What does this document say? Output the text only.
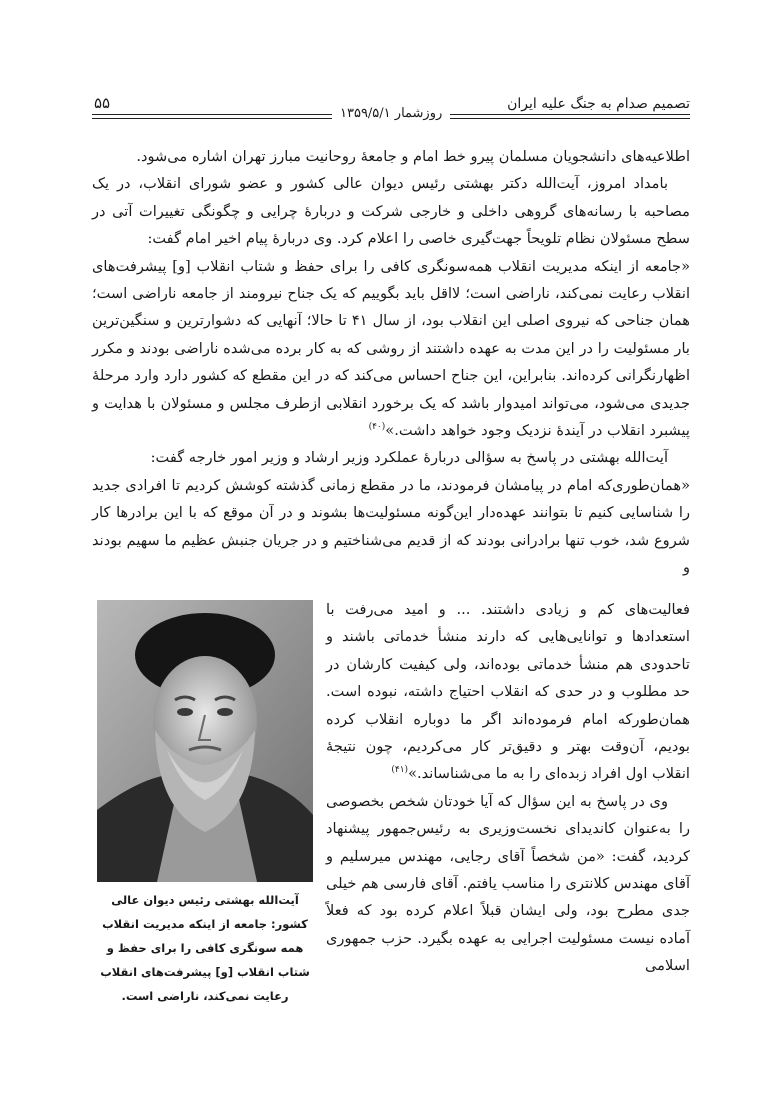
تصمیم صدام به جنگ علیه ایران
۵۵
روزشمار ۱۳۵۹/۵/۱

اطلاعیه‌های دانشجویان مسلمان پیرو خط امام و جامعهٔ روحانیت مبارز تهران اشاره می‌شود.

بامداد امروز، آیت‌الله دکتر بهشتی رئیس دیوان عالی کشور و عضو شورای انقلاب، در یک مصاحبه با رسانه‌های گروهی داخلی و خارجی شرکت و دربارهٔ چرایی و چگونگی تغییرات آتی در سطح مسئولان نظام تلویحاً جهت‌گیری خاصی را اعلام کرد. وی دربارهٔ پیام اخیر امام گفت:

«جامعه از اینکه مدیریت انقلاب همه‌سونگری کافی را برای حفظ و شتاب انقلاب [و] پیشرفت‌های انقلاب رعایت نمی‌کند، ناراضی است؛ لااقل باید بگوییم که یک جناح نیرومند از جامعه ناراضی است؛ همان جناحی که نیروی اصلی این انقلاب بود، از سال ۴۱ تا حالا؛ آنهایی که دشوارترین و سنگین‌ترین بار مسئولیت را در این مدت به عهده داشتند از روشی که به کار برده می‌شده ناراضی بودند و مکرر اظهارنگرانی کرده‌اند. بنابراین، این جناح احساس می‌کند که در این مقطع که کشور دارد وارد مرحلهٔ جدیدی می‌شود، می‌تواند امیدوار باشد که یک برخورد انقلابی ازطرف مجلس و مسئولان با هدایت و پیشبرد انقلاب در آیندهٔ نزدیک وجود خواهد داشت.»$^{(۴۰)}$

آیت‌الله بهشتی در پاسخ به سؤالی دربارهٔ عملکرد وزیر ارشاد و وزیر امور خارجه گفت:

«همان‌طوری‌که امام در پیامشان فرمودند، ما در مقطع زمانی گذشته کوشش کردیم تا افرادی جدید را شناسایی کنیم تا بتوانند عهده‌دار این‌گونه مسئولیت‌ها بشوند و در آن موقع که با این برادرها کار شروع شد، خوب تنها برادرانی بودند که از قدیم می‌شناختیم و در جریان جنبش عظیم ما سهیم بودند و

فعالیت‌های کم و زیادی داشتند. ... و امید می‌رفت با استعدادها و توانایی‌هایی که دارند منشأ خدماتی باشند و تاحدودی هم منشأ خدماتی بوده‌اند، ولی کیفیت کارشان در حد مطلوب و در حدی که انقلاب احتیاج داشته، نبوده است. همان‌طورکه امام فرموده‌اند اگر ما دوباره انقلاب کرده بودیم، آن‌وقت بهتر و دقیق‌تر کار می‌کردیم، چون نتیجهٔ انقلاب اول افراد زبده‌ای را به ما می‌شناساند.»$^{(۴۱)}$

وی در پاسخ به این سؤال که آیا خودتان شخص بخصوصی را به‌عنوان کاندیدای نخست‌وزیری به رئیس‌جمهور پیشنهاد کردید، گفت: «من شخصاً آقای رجایی، مهندس میرسلیم و آقای مهندس کلانتری را مناسب یافتم. آقای فارسی هم خیلی جدی مطرح بود، ولی ایشان قبلاً اعلام کرده بود که فعلاً آماده نیست مسئولیت اجرایی به عهده بگیرد. حزب جمهوری اسلامی

آیت‌الله بهشتی رئیس دیوان عالی کشور: جامعه از اینکه مدیریت انقلاب همه سونگری کافی را برای حفظ و شتاب انقلاب [و] پیشرفت‌های انقلاب رعایت نمی‌کند، ناراضی است.
